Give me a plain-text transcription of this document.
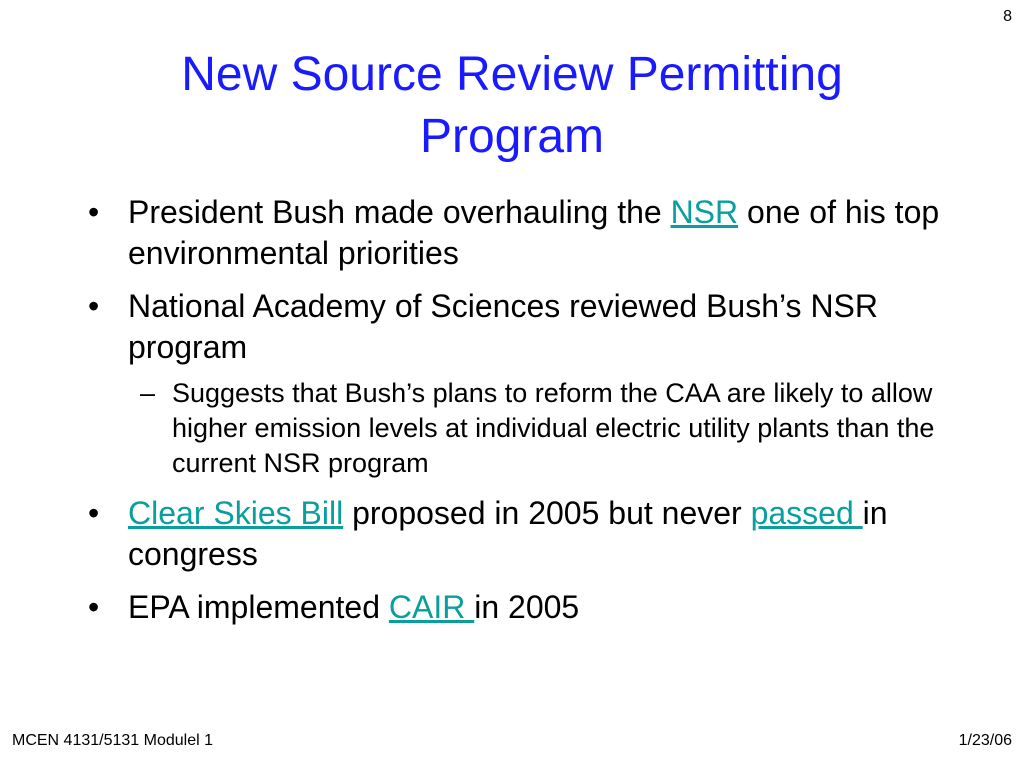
8
New Source Review Permitting
Program
• President Bush made overhauling the NSR one of his top environmental priorities
• National Academy of Sciences reviewed Bush’s NSR program
– Suggests that Bush’s plans to reform the CAA are likely to allow higher emission levels at individual electric utility plants than the current NSR program
• Clear Skies Bill proposed in 2005 but never passed in congress
• EPA implemented CAIR in 2005
MCEN 4131/5131 Modulel 1	1/23/06
